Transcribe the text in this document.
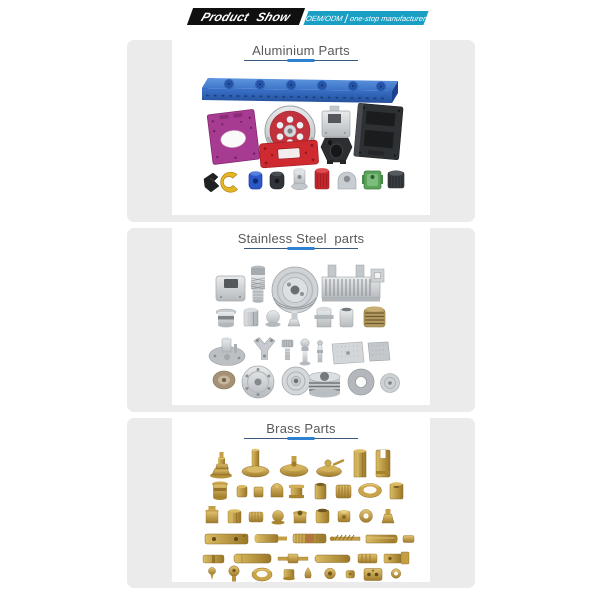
Product Show OEM/ODM one-stop manufacturer
Aluminium Parts
Stainless Steel  parts
Brass Parts
